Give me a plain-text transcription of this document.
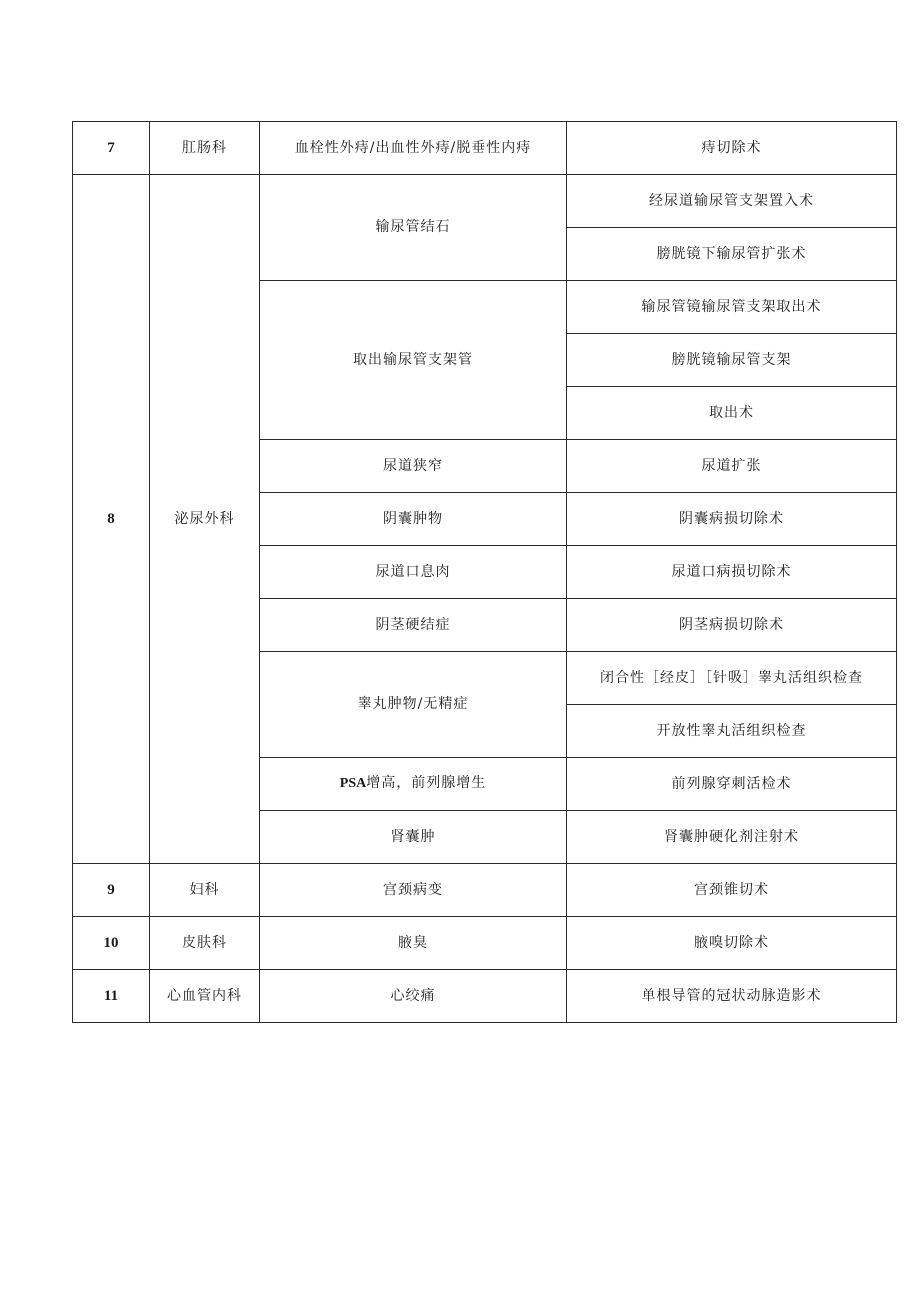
7	肛肠科	血栓性外痔/出血性外痔/脱垂性内痔	痔切除术
8	泌尿外科	输尿管结石	经尿道输尿管支架置入术
			膀胱镜下输尿管扩张术
		取出输尿管支架管	输尿管镜输尿管支架取出术
			膀胱镜输尿管支架
			取出术
		尿道狭窄	尿道扩张
		阴囊肿物	阴囊病损切除术
		尿道口息肉	尿道口病损切除术
		阴茎硬结症	阴茎病损切除术
		睾丸肿物/无精症	闭合性［经皮］［针吸］睾丸活组织检查
			开放性睾丸活组织检查
		PSA增高，前列腺增生	前列腺穿刺活检术
		肾囊肿	肾囊肿硬化剂注射术
9	妇科	宫颈病变	宫颈锥切术
10	皮肤科	腋臭	腋嗅切除术
11	心血管内科	心绞痛	单根导管的冠状动脉造影术
